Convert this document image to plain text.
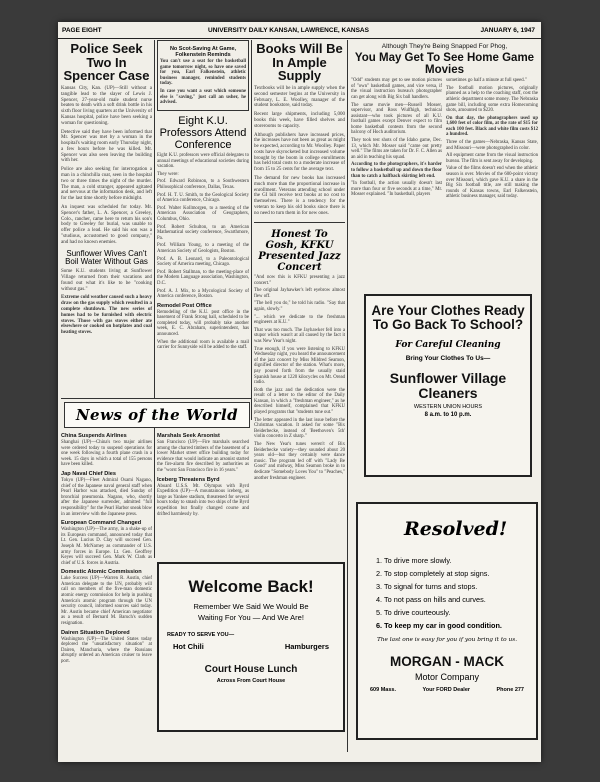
PAGE EIGHT	UNIVERSITY DAILY KANSAN, LAWRENCE, KANSAS	JANUARY 6, 1947
Police Seek Two In Spencer Case

Kansas City, Kan. (UP)—Still without a tangible lead to the slayer of Lewis J. Spencer, 27-year-old male student nurse beaten to death with a soft drink bottle in his sixth floor living quarters at the University of Kansas hospital, police have been seeking a woman for questioning.

Detective said they have been informed that Mr. Spencer was met by a woman in the hospital's waiting room early Thursday night, a few hours before he was killed. Mr. Spencer was also seen leaving the building with her.

Police are also seeking for interrogation a man in a chinchilla coat, seen in the hospital two or three times the night of the murder. The man, a cold stranger, appeared agitated and nervous at the information desk, and left for the last time shortly before midnight.

An inquest was scheduled for today. Mr. Spencer's father, L. A. Spencer, a Greeley, Colo., rancher, came here to return his son's body to Greeley for burial, was unable to offer police a lead. He said his son was a "studious, accustomed to good company," and had no known enemies.

Sunflower Wives Can't Boil Water Without Gas

Some K.U. students living at Sunflower Village returned from their vacations and found out what it's like to be "cooking without gas."

Extreme cold weather caused such a heavy draw on the gas supply which resulted in a complete shutdown. The new series of homes had to be furnished with electric stoves. Those with gas stoves either ate elsewhere or cooked on hotplates and coal heating stoves.

No Scot-Saving At Game, Folkenstein Reminds

You can't use a seat for the basketball game tomorrow night, so have one saved for you, Earl Falkenstein, athletic business manager, reminded students today.

In case you want a seat which someone else is "saving," just call an usher, he advised.

Eight K.U. Professors Attend Conference

Eight K.U. professors were official delegates to annual meetings of educational societies during vacation.

They were:

Prof. Edward Robinson, to a Southwestern Philosophical conference, Dallas, Texas.

Prof. H. T. U. Smith, to the Geological Society of America conference, Chicago.

Prof. Walter Kollmorgen, to a meeting of the American Association of Geographers, Columbus, Ohio.

Prof. Robert Schulton, to an American Mathematical society conference, Swarthmore, Pa.

Prof. William Young, to a meeting of the American Society of Geologists, Boston.

Prof. A. B. Leonard, to a Paleontological Society of America meeting, Chicago.

Prof. Robert Stallman, to the meeting-place of the Modern Language association, Washington, D.C.

Prof. A. J. Mix, to a Mycological Society of America conference, Boston.

Remodel Post Office

Remodeling of the K.U. post office in the basement of Frank Strong hall, scheduled to be completed today, will probably take another week, E. C. Abraham, superintendent, has announced.

When the additional room is available a mail carrier for Sunnyside will be added to the staff.

Books Will Be In Ample Supply

Textbooks will be in ample supply when the second semester begins at the University in February, L. E. Woolley, manager of the student bookstore, said today.

Recent large shipments, including 5,000 books this week, have filled shelves and storerooms to capacity.

Although publishers have increased prices, the increases have not been as great as might be expected, according to Mr. Woolley. Paper costs have skyrocketed but increased volume brought by the boom in college enrollments has held total costs to a moderate increase of from 15 to 25 cents for the average text.

The demand for new books has increased much more than the proportional increase in enrollment. Veterans attending school under the GI bill receive text books at no cost to themselves. There is a tendency for the veteran to keep his old books since there is no need to turn them in for new ones.

Honest To Gosh, KFKU Presented Jazz Concert

"And now this is KFKU presenting a jazz concert."

The original Jayhawker's left eyebrow almost flew off.

"The hell you do," he told his radio. "Say that again, slowly."

"... which we dedicate to the freshman engineers at K.U."

That was too much. The Jayhawker fell into a stupor which wasn't at all caused by the fact it was New Year's night.

True enough, if you were listening to KFKU Wednesday night, you heard the announcement of the jazz concert by Miss Mildred Seamon, dignified director of the station. What's more, pay poured forth from the usually staid Spanish house at 1220 kilocycles on Mt. Oread radio.

Both the jazz and the dedication were the result of a letter to the editor of the Daily Kansan, in which a "freshman engineer," as he described himself, complained that KFKU played programs that "students tune out."

The letter appeared in the last issue before the Christmas vacation. It asked for some "Bix Beiderbecke, instead of 'Beethoven's 5th' violin concerto in Z sharp."

The New Year's tunes weren't of Bix Beiderbecke variety—they sounded about 20 years old—but they certainly were dance music. The program led off with "Lady Be Good" and midway, Miss Seamon broke in to dedicate "Somebody Loves You" to "Peaches," another freshman engineer.

Although They're Being Snapped For Phog,
You May Get To See Home Game Movies

"Odd" students may get to see motion pictures of "own" basketball games, and vice versa, if the visual instruction bureau's photographer can get along with Big Six ball handlers.

The same movie men—Russell Mosser, supervisor, and Ross Wulfhigh, technical assistant—who took pictures of all K.U. football games except Denver expect to film home basketball contests from the second balcony of Hoch auditorium.

They took test shots of the Idaho game, Dec. 13, which Mr. Mosser said "came out pretty well." The films are taken for Dr. F. C. Allen as an aid in teaching his squad.

According to the photographers, it's harder to follow a basketball up and down the floor than to catch a halfback skirting left end.

"In football, the action usually doesn't last more than four or five seconds at a time," Mr. Mosser explained. "In basketball, players

sometimes go half a minute at full speed."

The football motion pictures, originally planned as a help to the coaching staff, cost the athletic department some money. The Nebraska game bill, including some extra Homecoming shots, amounted to $220.

On that day, the photographers used up 1,600 feet of color film, at the rate of $15 for each 100 feet. Black and white film costs $12 a hundred.

Three of the games—Nebraska, Kansas State, and Missouri—were photographed in color.

All equipment came from the visual instruction bureau. The film is sent away for developing.

Value of the films doesn't end when the athletic season is over. Movies of the 600-point victory over Missouri, which gave K.U. a share in the Big Six football title, are still making the rounds of Kansas towns, Earl Falkenstein, athletic business manager, said today.

Are Your Clothes Ready To Go Back To School?
For Careful Cleaning
Bring Your Clothes To Us—
Sunflower Village Cleaners
WESTERN UNION HOURS
8 a.m. to 10 p.m.
News of the World
China Suspends Airlines

Shanghai (UP)—China's two major airlines were ordered today to suspend operations for one week following a fourth plane crash in a week. 15 days in which a total of 155 persons have been killed.

Jap Naval Chief Dies

Tokyo (UP)—Fleet Admiral Osami Nagano, chief of the Japanese naval general staff when Pearl Harbor was attacked, died Sunday of bronchial pneumonia. Nagano, who, shortly after the Japanese surrender, admitted "full responsibility" for the Pearl Harbor sneak blow in an interview with the Japanese press.

European Command Changed

Washington (UP)—The army, in a shake-up of its European command, announced today that Lt. Gen. Lucius D. Clay will succeed Gen. Joseph M. McNarney as commander of U.S. army forces in Europe. Lt. Gen. Geoffrey Keyes will succeed Gen. Mark W. Clark as chief of U.S. forces in Austria.

Domestic Atomic Commission

Lake Success (UP)—Warren R. Austin, chief American delegate to the UN, probably will call on members of the five-man domestic atomic energy commission for help in pushing America's atomic program through the UN security council, informed sources said today. Mr. Austin became chief American negotiator as a result of Bernard M. Baruch's sudden resignation.

Dairen Situation Deplored

Washington (UP)—The United States today deplored the "unsatisfactory situation" at Dairen, Manchuria, where the Russians abruptly ordered an American cruiser to leave port.

Marshals Seek Arsonist

San Francisco (UP)—Fire marshals searched among the charred timbers of the basement of a lower Market street office building today for evidence that would indicate an arsonist started the fire-alarm fire described by authorities as the "worst San Francisco fire in 16 years."

Iceberg Threatens Byrd

Aboard U.S.S. Mt. Olympus with Byrd Expedition (UP)—A mountainous iceberg, as large as Yankee stadium, threatened for several hours today to smash into two ships of the Byrd expedition but finally changed course and drifted harmlessly by.

Welcome Back!
Remember We Said We Would Be
Waiting For You — And We Are!
READY TO SERVE YOU—
Hot Chili	Hamburgers
Court House Lunch
Across From Court House
Resolved!
1. To drive more slowly.
2. To stop completely at stop signs.
3. To signal for turns and stops.
4. To not pass on hills and curves.
5. To drive courteously.
6. To keep my car in good condition.
The last one is easy for you if you bring it to us.
MORGAN - MACK
Motor Company
609 Mass.	Your FORD Dealer	Phone 277
